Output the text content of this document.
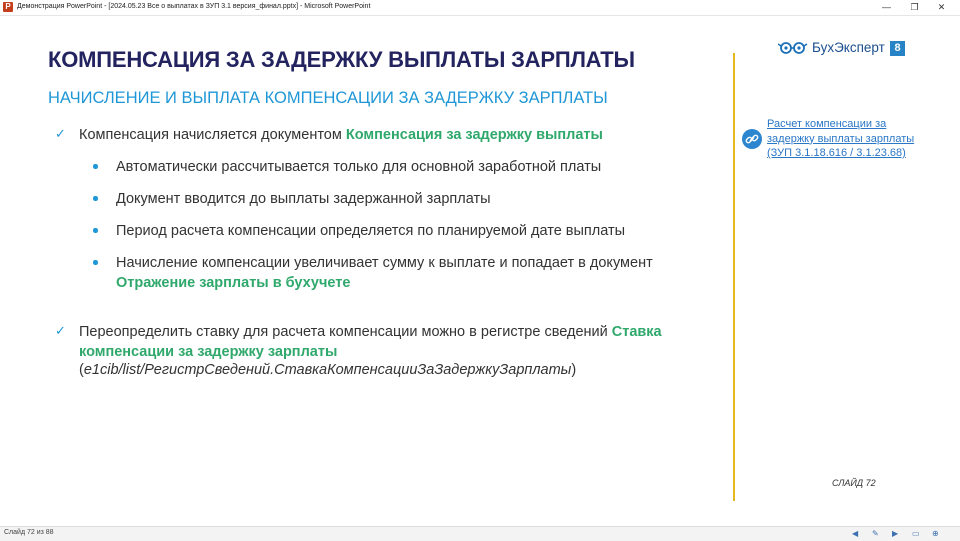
P Демонстрация PowerPoint - [2024.05.23 Все о выплатах в ЗУП 3.1 версия_финал.pptx] - Microsoft PowerPoint	—	❐	✕
КОМПЕНСАЦИЯ ЗА ЗАДЕРЖКУ ВЫПЛАТЫ ЗАРПЛАТЫ
НАЧИСЛЕНИЕ И ВЫПЛАТА КОМПЕНСАЦИИ ЗА ЗАДЕРЖКУ ЗАРПЛАТЫ
✓ Компенсация начисляется документом Компенсация за задержку выплаты
Автоматически рассчитывается только для основной заработной платы
Документ вводится до выплаты задержанной зарплаты
Период расчета компенсации определяется по планируемой дате выплаты
Начисление компенсации увеличивает сумму к выплате и попадает в документ
Отражение зарплаты в бухучете
✓ Переопределить ставку для расчета компенсации можно в регистре сведений Ставка
компенсации за задержку зарплаты
(e1cib/list/РегистрСведений.СтавкаКомпенсацииЗаЗадержкуЗарплаты)
БухЭксперт 8
Расчет компенсации за
задержку выплаты зарплаты
(ЗУП 3.1.18.616 / 3.1.23.68)
СЛАЙД 72
Слайд 72 из 88	◀ ✎ ▶ ▭ ⊕
